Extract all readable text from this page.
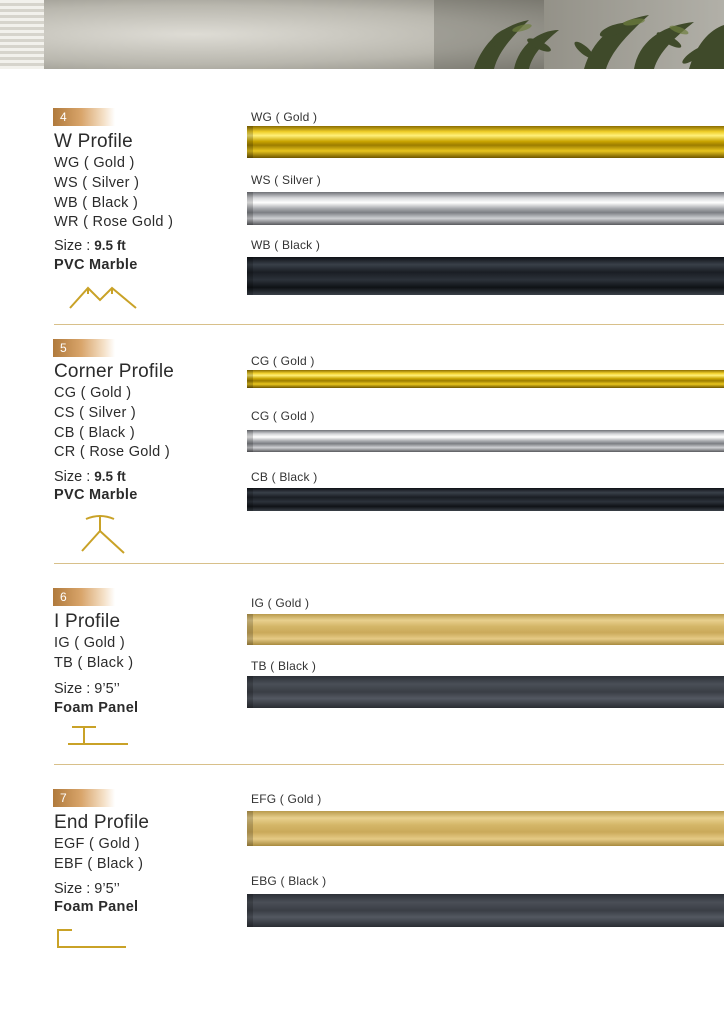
4
W Profile
WG ( Gold )
WS ( Silver )
WB ( Black )
WR ( Rose Gold )
Size : 9.5 ft
PVC Marble
WG ( Gold )
WS ( Silver )
WB ( Black )
5
Corner Profile
CG ( Gold )
CS ( Silver )
CB ( Black )
CR ( Rose Gold )
Size : 9.5 ft
PVC Marble
CG ( Gold )
CG ( Gold )
CB ( Black )
6
I Profile
IG ( Gold )
TB ( Black )
Size : 9’5’’
Foam Panel
IG ( Gold )
TB ( Black )
7
End Profile
EGF ( Gold )
EBF ( Black )
Size : 9’5’’
Foam Panel
EFG ( Gold )
EBG ( Black )
